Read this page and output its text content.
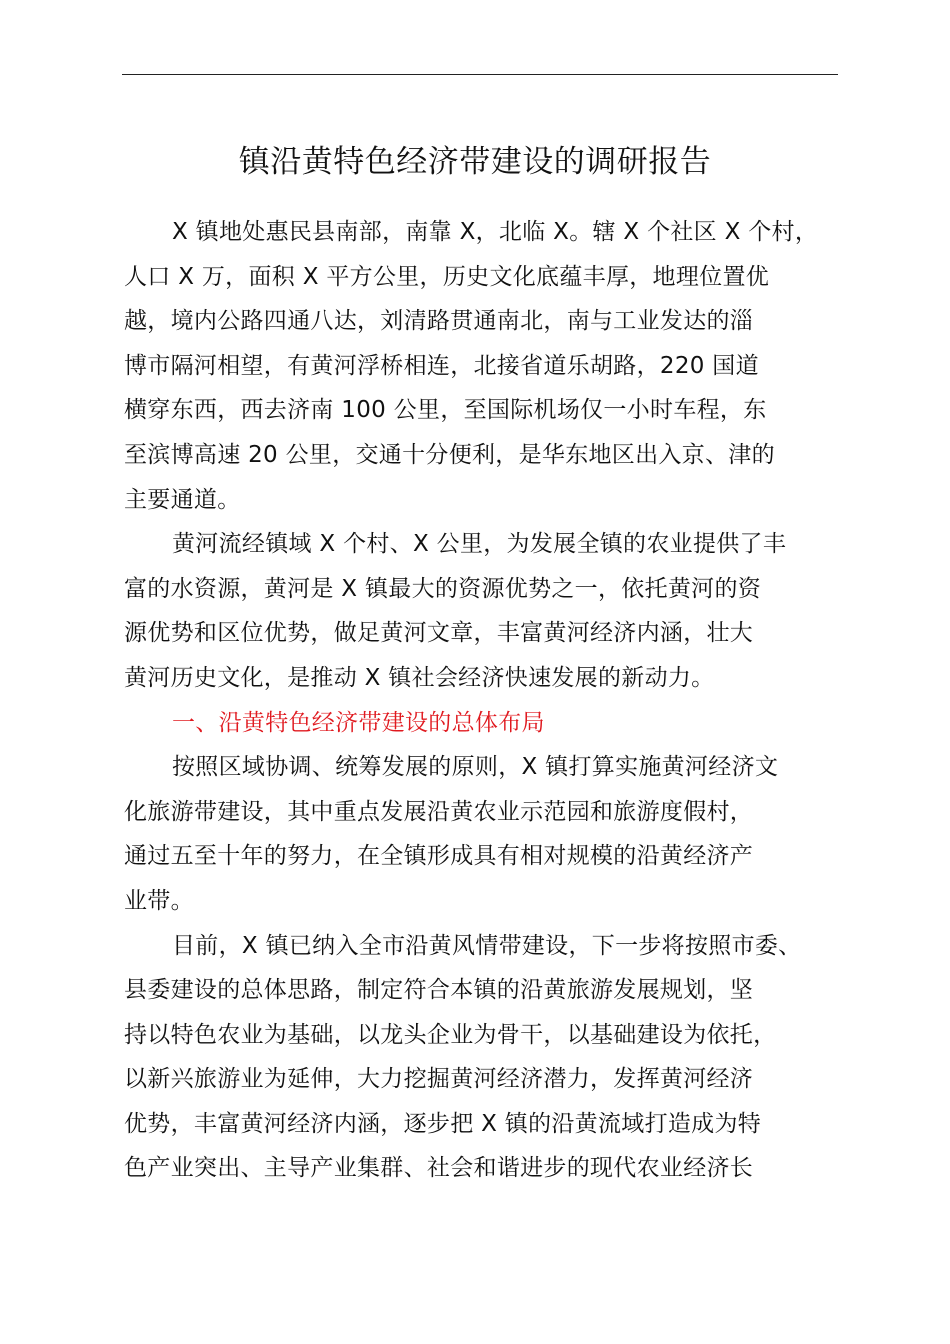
镇沿黄特色经济带建设的调研报告
X 镇地处惠民县南部，南靠 X，北临 X。辖 X 个社区 X 个村，
人口 X 万，面积 X 平方公里，历史文化底蕴丰厚，地理位置优
越，境内公路四通八达，刘清路贯通南北，南与工业发达的淄
博市隔河相望，有黄河浮桥相连，北接省道乐胡路，220 国道
横穿东西，西去济南 100 公里，至国际机场仅一小时车程，东
至滨博高速 20 公里，交通十分便利，是华东地区出入京、津的
主要通道。
黄河流经镇域 X 个村、X 公里，为发展全镇的农业提供了丰
富的水资源，黄河是 X 镇最大的资源优势之一，依托黄河的资
源优势和区位优势，做足黄河文章，丰富黄河经济内涵，壮大
黄河历史文化，是推动 X 镇社会经济快速发展的新动力。
一、沿黄特色经济带建设的总体布局
按照区域协调、统筹发展的原则，X 镇打算实施黄河经济文
化旅游带建设，其中重点发展沿黄农业示范园和旅游度假村，
通过五至十年的努力，在全镇形成具有相对规模的沿黄经济产
业带。
目前，X 镇已纳入全市沿黄风情带建设，下一步将按照市委、
县委建设的总体思路，制定符合本镇的沿黄旅游发展规划，坚
持以特色农业为基础，以龙头企业为骨干，以基础建设为依托，
以新兴旅游业为延伸，大力挖掘黄河经济潜力，发挥黄河经济
优势，丰富黄河经济内涵，逐步把 X 镇的沿黄流域打造成为特
色产业突出、主导产业集群、社会和谐进步的现代农业经济长
